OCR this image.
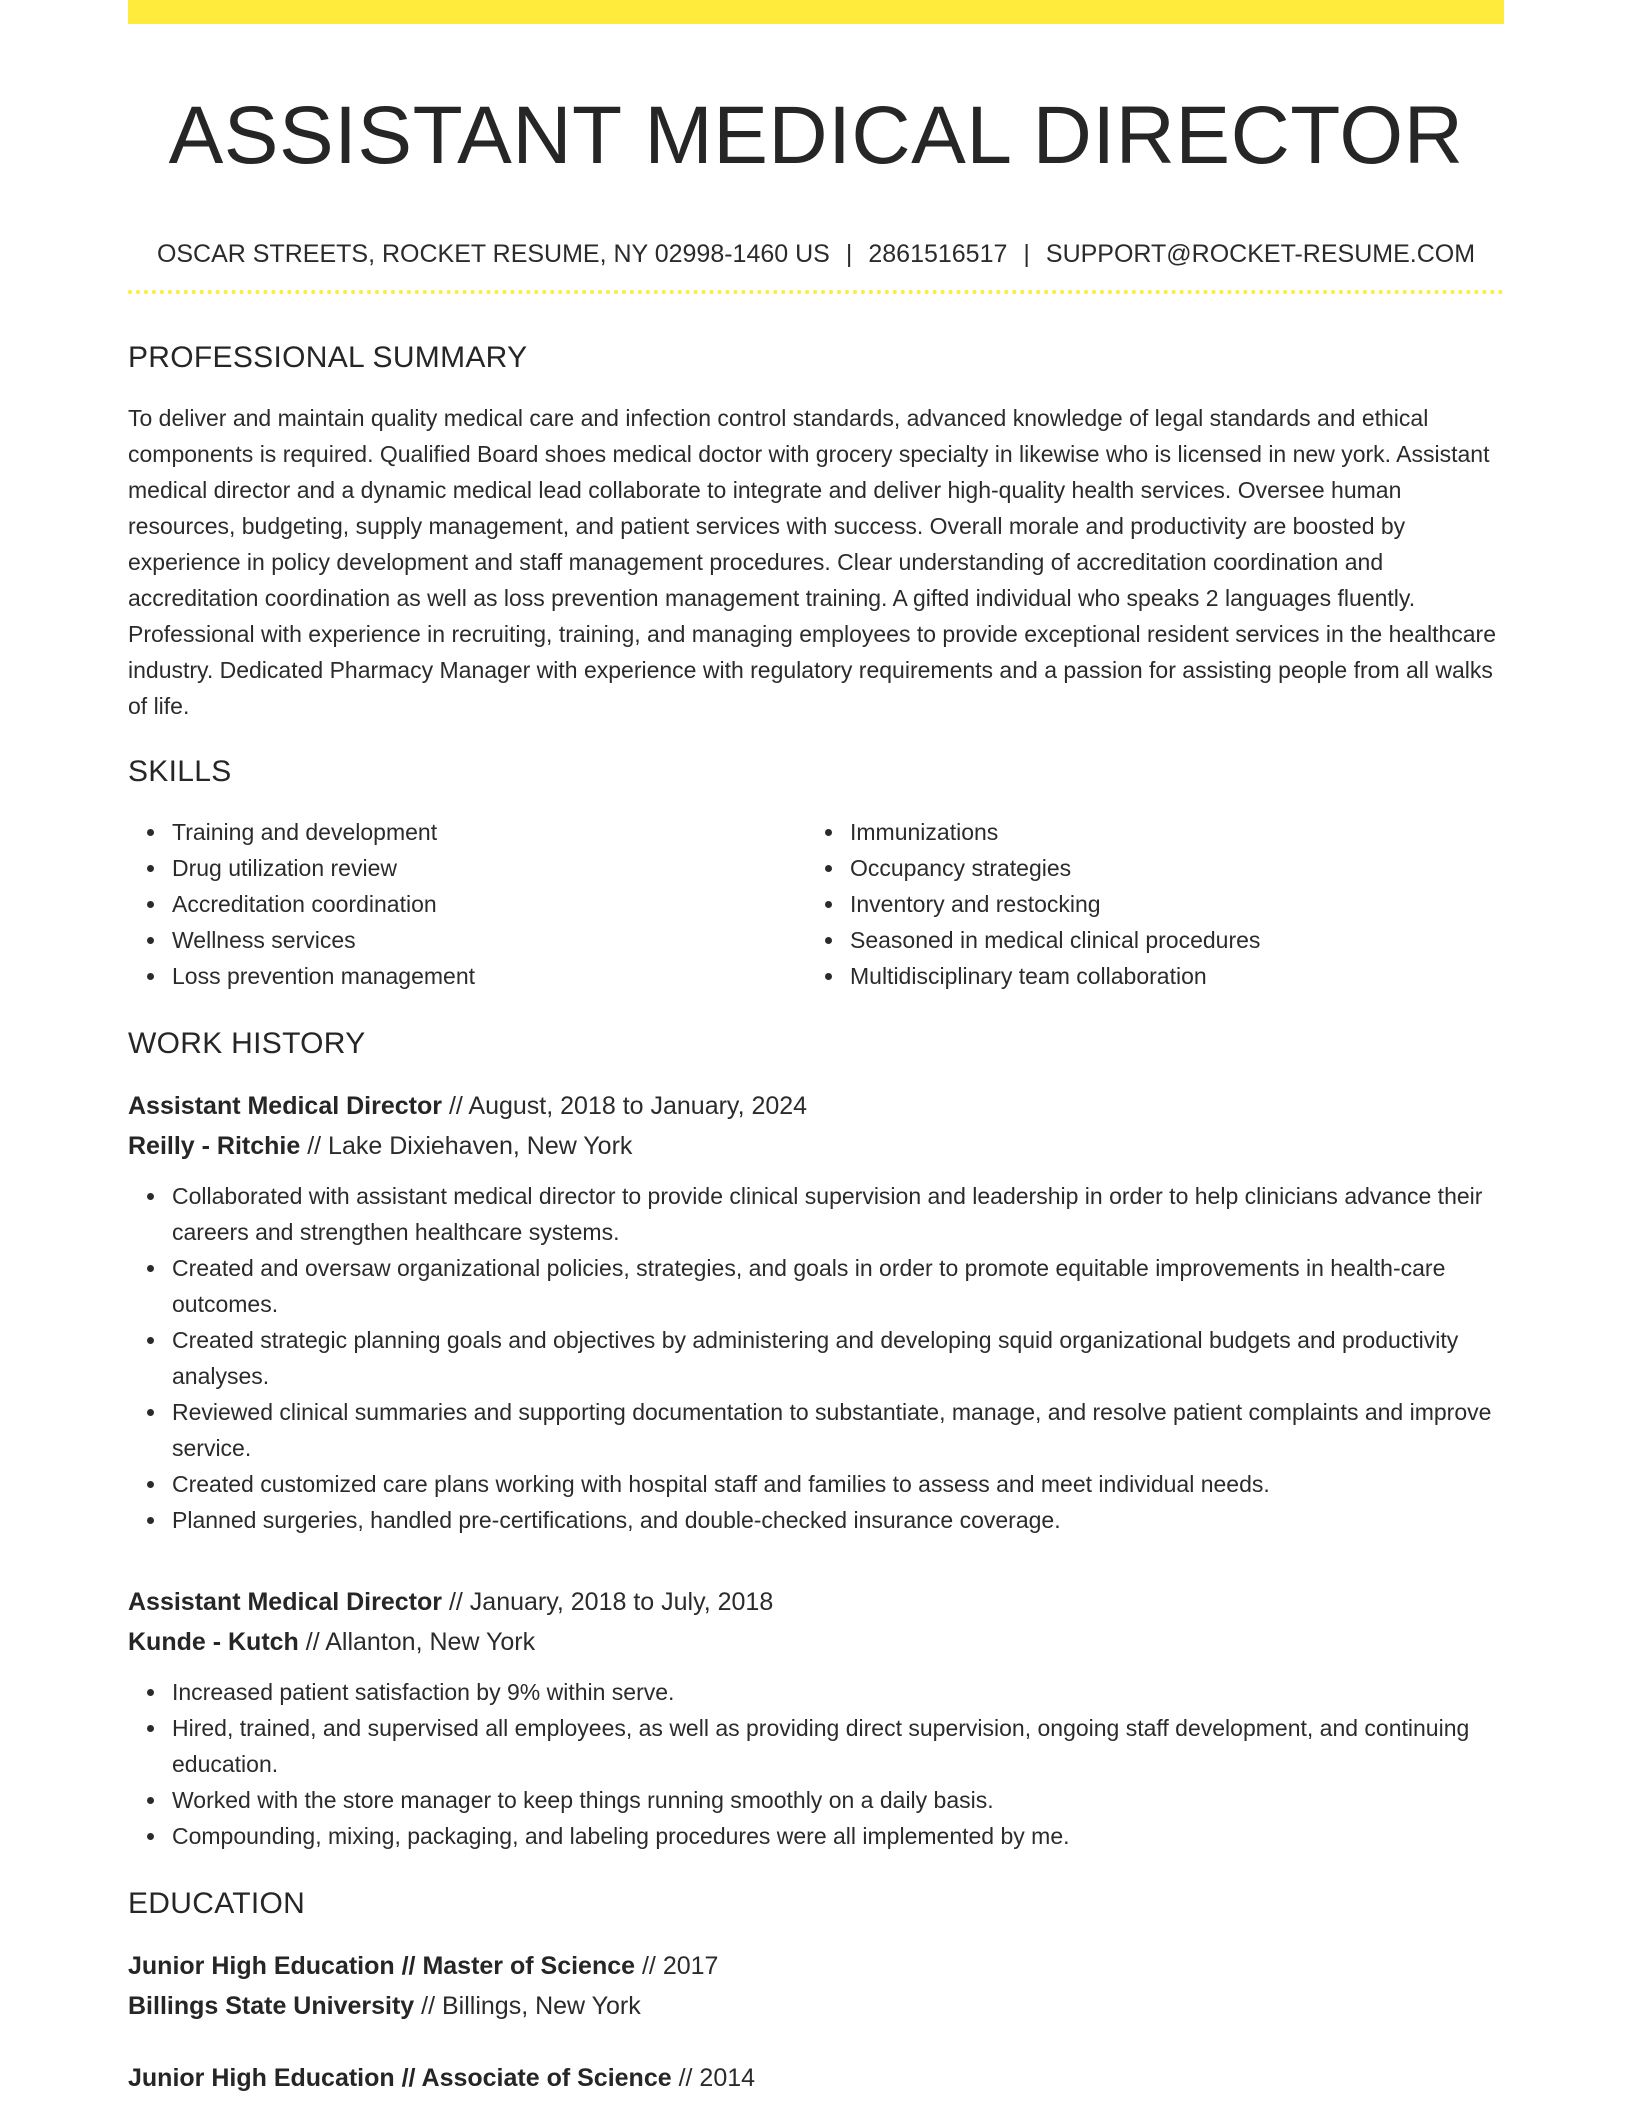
ASSISTANT MEDICAL DIRECTOR
OSCAR STREETS, ROCKET RESUME, NY 02998-1460 US | 2861516517 | SUPPORT@ROCKET-RESUME.COM
PROFESSIONAL SUMMARY

To deliver and maintain quality medical care and infection control standards, advanced knowledge of legal standards and ethical components is required. Qualified Board shoes medical doctor with grocery specialty in likewise who is licensed in new york. Assistant medical director and a dynamic medical lead collaborate to integrate and deliver high-quality health services. Oversee human resources, budgeting, supply management, and patient services with success. Overall morale and productivity are boosted by experience in policy development and staff management procedures. Clear understanding of accreditation coordination and accreditation coordination as well as loss prevention management training. A gifted individual who speaks 2 languages fluently. Professional with experience in recruiting, training, and managing employees to provide exceptional resident services in the healthcare industry. Dedicated Pharmacy Manager with experience with regulatory requirements and a passion for assisting people from all walks of life.

SKILLS
Training and development
Drug utilization review
Accreditation coordination
Wellness services
Loss prevention management
Immunizations
Occupancy strategies
Inventory and restocking
Seasoned in medical clinical procedures
Multidisciplinary team collaboration
WORK HISTORY
Assistant Medical Director // August, 2018 to January, 2024
Reilly - Ritchie // Lake Dixiehaven, New York
Collaborated with assistant medical director to provide clinical supervision and leadership in order to help clinicians advance their careers and strengthen healthcare systems.
Created and oversaw organizational policies, strategies, and goals in order to promote equitable improvements in health-care outcomes.
Created strategic planning goals and objectives by administering and developing squid organizational budgets and productivity analyses.
Reviewed clinical summaries and supporting documentation to substantiate, manage, and resolve patient complaints and improve service.
Created customized care plans working with hospital staff and families to assess and meet individual needs.
Planned surgeries, handled pre-certifications, and double-checked insurance coverage.
Assistant Medical Director // January, 2018 to July, 2018
Kunde - Kutch // Allanton, New York
Increased patient satisfaction by 9% within serve.
Hired, trained, and supervised all employees, as well as providing direct supervision, ongoing staff development, and continuing education.
Worked with the store manager to keep things running smoothly on a daily basis.
Compounding, mixing, packaging, and labeling procedures were all implemented by me.
EDUCATION
Junior High Education // Master of Science // 2017
Billings State University // Billings, New York
Junior High Education // Associate of Science // 2014
